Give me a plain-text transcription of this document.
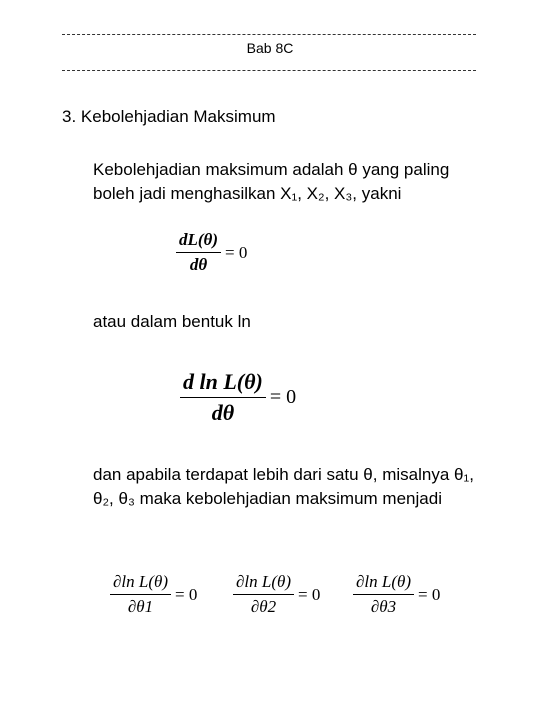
Bab 8C
3. Kebolehjadian Maksimum
Kebolehjadian maksimum adalah θ yang paling boleh jadi menghasilkan X₁, X₂, X₃, yakni
$\frac{dL(\theta)}{d\theta} = 0$
atau dalam bentuk ln
$\frac{\text{d ln L(θ)}}{d\theta} = 0$
dan apabila terdapat lebih dari satu θ, misalnya θ₁, θ₂, θ₃ maka kebolehjadian maksimum menjadi
$\frac{\text{∂ln L(θ)}}{\partial\theta 1} = 0 \frac{\text{∂ln L(θ)}}{\partial\theta 2} = 0 \frac{\text{∂ln L(θ)}}{\partial\theta 3} = 0$
